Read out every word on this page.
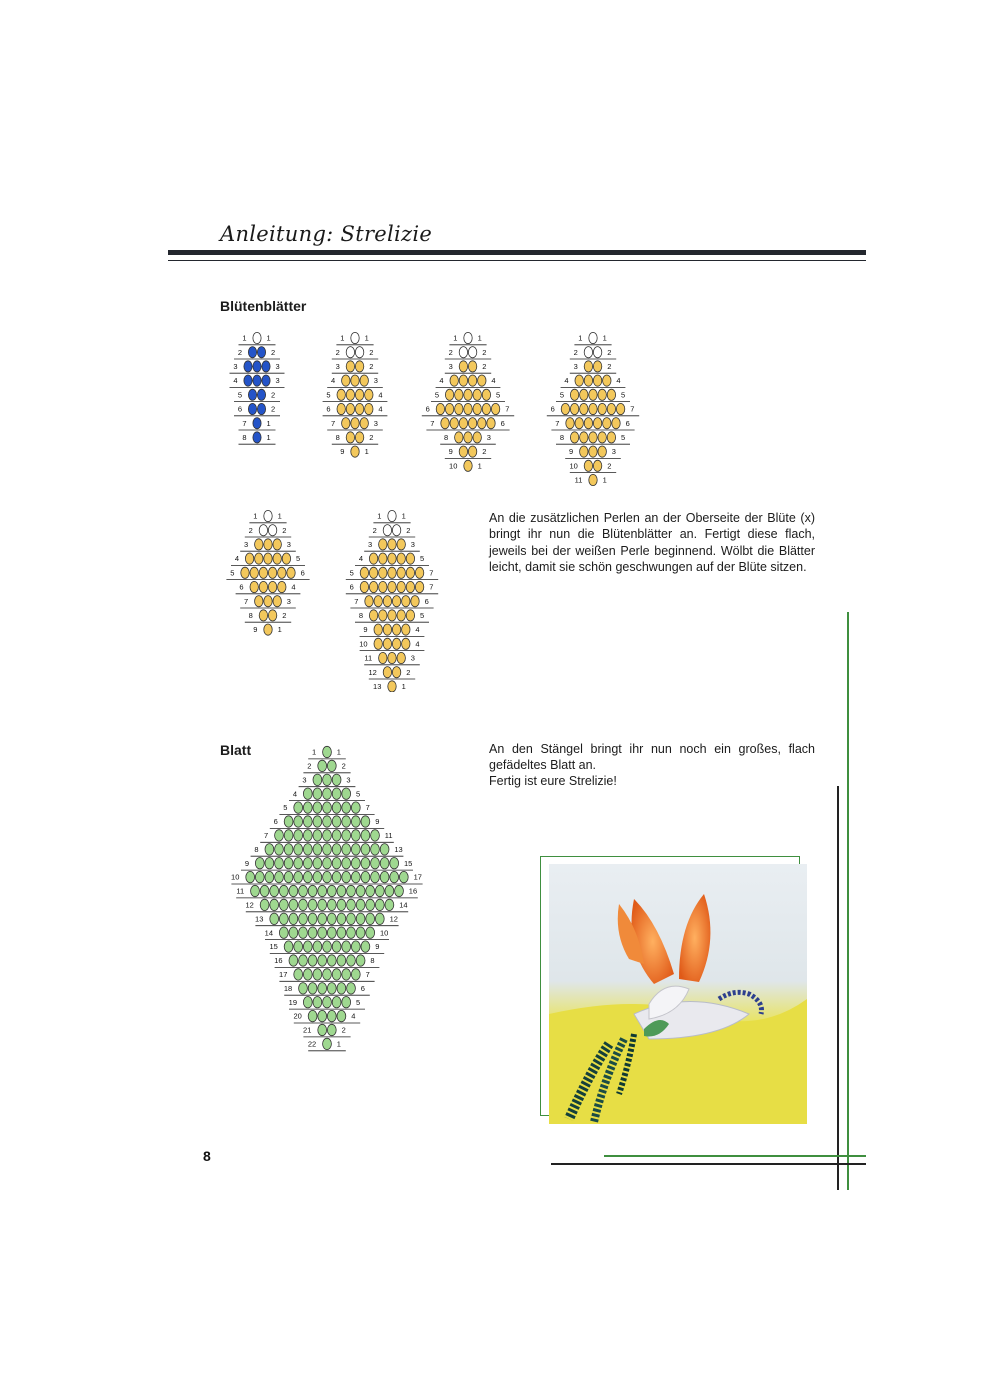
Anleitung: Strelizie
Blütenblätter
Blatt
1	1
2	2
3	3
4	3
5	2
6	2
7	1
8	1
1	1
2	2
3	2
4	3
5	4
6	4
7	3
8	2
9	1
1	1
2	2
3	2
4	4
5	5
6	7
7	6
8	3
9	2
10	1
1	1
2	2
3	2
4	4
5	5
6	7
7	6
8	5
9	3
10	2
11	1
1	1
2	2
3	3
4	5
5	6
6	4
7	3
8	2
9	1
1	1
2	2
3	3
4	5
5	7
6	7
7	6
8	5
9	4
10	4
11	3
12	2
13	1
1	1
2	2
3	3
4	5
5	7
6	9
7	11
8	13
9	15
10	17
11	16
12	14
13	12
14	10
15	9
16	8
17	7
18	6
19	5
20	4
21	2
22	1
An die zusätzlichen Perlen an der Oberseite der Blüte (x) bringt ihr nun die Blütenblätter an. Fertigt diese flach, jeweils bei der weißen Perle beginnend. Wölbt die Blätter leicht, damit sie schön geschwungen auf der Blüte sitzen.
An den Stängel bringt ihr nun noch ein großes, flach gefädeltes Blatt an.
Fertig ist eure Strelizie!
8
